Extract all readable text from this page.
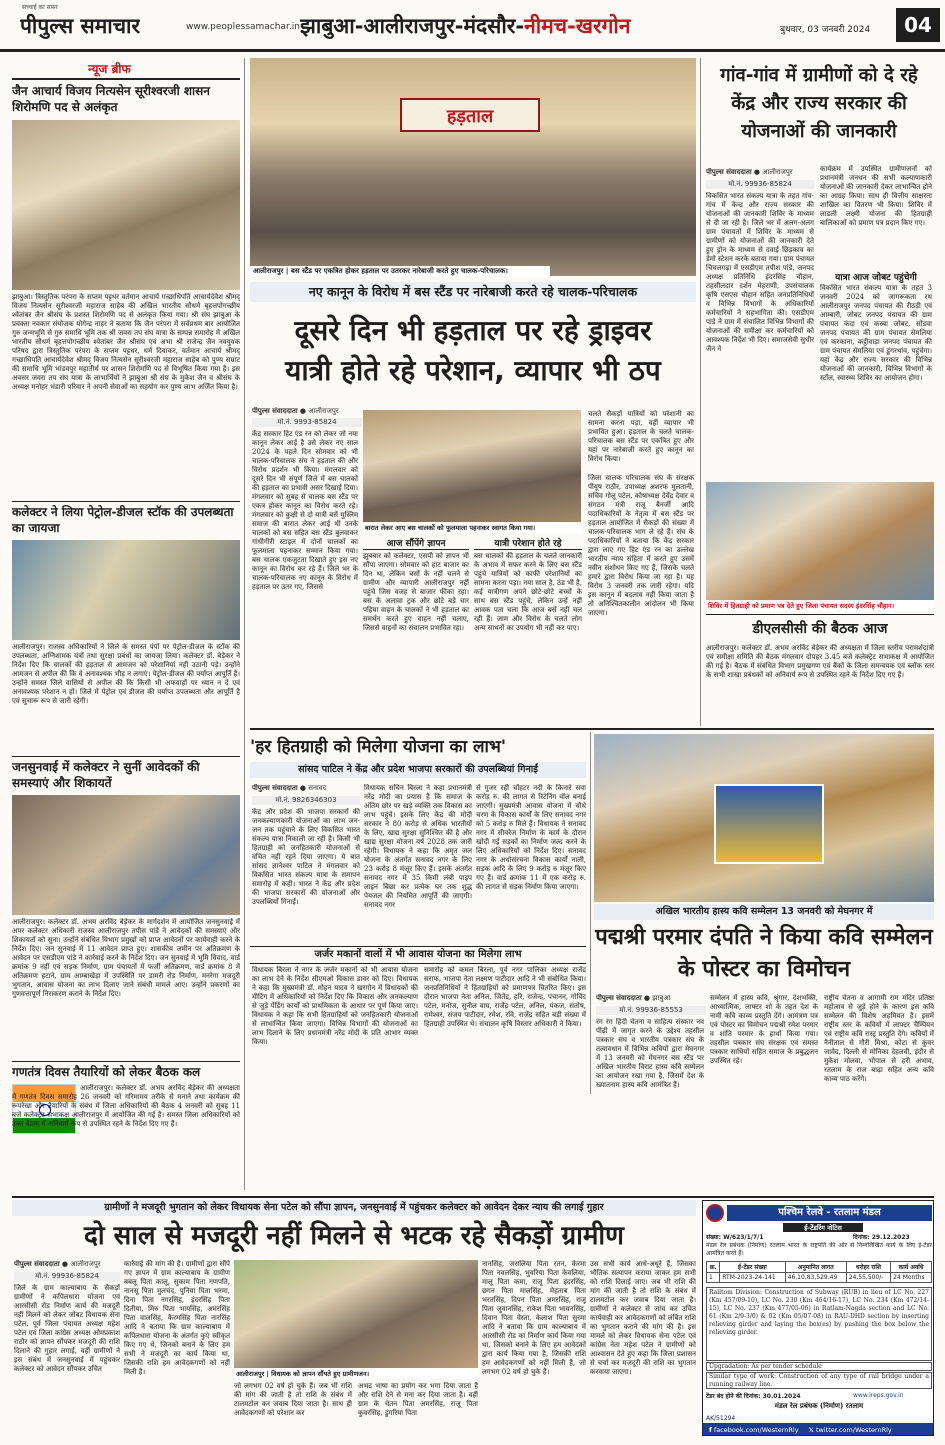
सच्चाई का सफ़र
पीपुल्स समाचार	www.peoplessamachar.in झाबुआ-आलीराजपुर-मंदसौर-नीमच-खरगोन	बुधवार, 03 जनवरी 2024	04
न्यूज ब्रीफ
जैन आचार्य विजय नित्यसेन सूरीश्वरजी शासन शिरोमणि पद से अलंकृत
झाबुआ। त्रिस्तुतिक परंपरा के सप्तम पट्टधर वर्तमान आचार्य गच्छाधिपति आचार्यदेवेश श्रीमद् विजय नित्यसेन सूरीश्वरजी महाराज साहेब की अखिल भारतीय सौधर्म बृहत्तपोगच्छीय श्वेतांबर जैन श्रीसंघ के प्रशस्त शिरोमणि पद से अलंकृत किया गया। श्री संघ झाबुआ के प्रवक्ता नवकार संयोजक योगेन्द्र नाहर ने बताया कि जैन परंपरा में सर्वप्रथम बार आयोजित गुरु जन्मभूमि से गुरु समाधि भूमि तक श्री जवरा तप संघ यात्रा के सम्पन्न समारोह में अखिल भारतीय सौधर्म बृहत्तपोगच्छीय श्वेतांबर जैन श्रीसंघ एवं अभा श्री राजेन्द्र जैन नवयुवक परिषद द्वारा त्रिस्तुतिक परंपरा के सप्तम पट्टधर, धर्म दिवाकर, वर्तमान आचार्य श्रीमद् गच्छाधिपति आचार्यदेवेश श्रीमद् विजय नित्यसेन सूरीश्वरजी महाराज साहेब को पुण्य सम्राट की समाधि भूमि भांडवपुर महातीर्थ पर शासन शिरोमणि पद से विभूषित किया गया है। इस अवसर जवरा तप संघ यात्रा के लाभार्थियों ने झाबुआ श्री संघ के मुकेश जैन व श्रीसंघ के अध्यक्ष मनोहर भंडारी परिवार ने अपनी सेवाओं का सहयोग कर पुण्य लाभ अर्जित किया है।
कलेक्टर ने लिया पेट्रोल-डीजल स्टॉक की उपलब्धता का जायजा
आलीराजपुर। राजस्व अधिकारियों ने जिले के समस्त पंपों पर पेट्रोल-डीजल के स्टॉक की उपलब्धता, अग्निशामक यंत्रों तथा सुरक्षा प्रबंधों का जायजा लिया। कलेक्टर डॉ. बेड़ेकर ने निर्देश दिए कि चालकों की हड़ताल से आमजन को परेशानियां नहीं उठानी पड़े। उन्होंने आमजन से अपील की कि वे अनावश्यक भीड़ न लगाएं। पेट्रोल-डीजल की पर्याप्त आपूर्ति है। उन्होंने समस्त जिले वासियों से अपील की कि किसी भी अफवाहों पर ध्यान न दें एवं अनावश्यक परेशान न हों। जिले में पेट्रोल एवं डीजल की पर्याप्त उपलब्धता और आपूर्ति है एवं सुचारू रूप से जारी रहेगी।
जनसुनवाई में कलेक्टर ने सुनीं आवेदकों की समस्याएं और शिकायतें
आलीराजपुर। कलेक्टर डॉ. अभय अरविंद बेड़ेकर के मार्गदर्शन में आयोजित जनसुनवाई में अपर कलेक्टर अधिकारी राजस्व आलीराजपुर तपीस पांडे ने आवेदकों की समस्याएं और शिकायतों को सुना। उन्होंने संबंधित विभाग प्रमुखों को प्राप्त आवेदनों पर कार्यवाही करने के निर्देश दिए। जन सुनवाई में 11 आवेदन प्राप्त हुए। शासकीय जमीन पर अतिक्रमण के आवेदन पर एसडीएम पांडे ने कार्रवाई करने के निर्देश दिए। जन सुनवाई में भूमि विवाद, वार्ड क्रमांक 9 नहीं एवं सड़क निर्माण, ग्राम पंचायतों में फर्जी अतिक्रमण, वार्ड क्रमांक 8 में अतिक्रमण हटाने, ग्राम आम्बाखेड़ा में उपस्थिति पर डामरी रोड निर्माण, मनरेगा मजदूरी भुगतान, आवास योजना का लाभ दिलाए जाने संबंधी मामले आए। उन्होंने प्रकरणों का गुणवत्तापूर्ण निराकरण कराने के निर्देश दिए।
गणतंत्र दिवस तैयारियों को लेकर बैठक कल
आलीराजपुर। कलेक्टर डॉ. अभय अरविंद बेड़ेकर की अध्यक्षता में गणतंत्र दिवस समारोह 26 जनवरी को गरिमामय तरीके से मनाने तथा कार्यक्रम की रूपरेखा और तैयारियों के संबंध में जिला अधिकारियों की बैठक 4 जनवरी को सुबह 11 बजे कलेक्ट्रेट सभाकक्ष आलीराजपुर में आयोजित की गई है। समस्त जिला अधिकारियों को उक्त बैठक में अनिवार्य रूप से उपस्थित रहने के निर्देश दिए गए हैं।
हड़ताल
आलीराजपुर | बस स्टैंड पर एकत्रित होकर हड़ताल पर उतरकर नारेबाजी करते हुए चालक-परिचालक।
नए कानून के विरोध में बस स्टैंड पर नारेबाजी करते रहे चालक-परिचालक
दूसरे दिन भी हड़ताल पर रहे ड्राइवर
यात्री होते रहे परेशान, व्यापार भी ठप
पीपुल्स संवाददाता ● आलीराजपुर
मो.नं. 9993-85824
केंद्र सरकार हिट एंड रन को लेकर जो नया कानून लेकर आई है उसे लेकर नए साल 2024 के पहले दिन सोमवार को भी चालक-परिचालक संघ ने हड़ताल की और विरोध प्रदर्शन भी किया। मंगलवार को दूसरे दिन भी संपूर्ण जिले में बस चालकों की हड़ताल का प्रभावी असर दिखाई दिया। मंगलवार को सुबह से चालक बस स्टैंड पर एकत्र होकर कानून का विरोध करते रहे। मंगलवार को कुक्षी से दो यात्री बसें मुस्लिम समाज की बारात लेकर आई थी उनके चालकों को बस सहित बस स्टैंड बुलवाकर गांधीगीरी स्टाइल में दोनों चालकों का फूलमाला पहनाकर सम्मान किया गया। बस चालक एकजुटता दिखाते हुए इस नए कानून का विरोध कर रहे हैं। जिले भर के चालक-परिचालक नए कानून के विरोध में हड़ताल पर उतर गए, जिससे
बारात लेकर आए बस चालकों को फूलमाला पहनाकर स्वागत किया गया।
आज सौंपेंगे ज्ञापन	यात्री परेशान होते रहे
झुबबार को कलेक्टर, एसपी को ज्ञापन भी सौंपा जाएगा। सोमवार को हाट बाजार का दिन था, लेकिन बसों के नहीं चलने से ग्रामीण और व्यापारी आलीराजपुर नहीं पहुंचे जिस वजह से बाजार फीका रहा। बस के अलावा ट्रक और छोटे बड़े चार पहिया वाहन के चालकों ने भी हड़ताल का समर्थन करते हुए वाहन नहीं चलाए, जिससे वाहनों का संचालन प्रभावित रहा।
बस चालकों की हड़ताल के चलते जानकारी के अभाव में सफर करने के लिए बस स्टैंड पहुंचे यात्रियों को काफी परेशानियों का सामना करना पड़ा। नया साल है, ठंड भी है, कई यात्रीगण अपने छोटे-छोटे बच्चों के साथ बस स्टैंड पहुंचे, लेकिन उन्हें नहीं आवक पता चला कि आज बसें नहीं चल रही हैं। जाम और विरोध के चलते लोग अन्य साधनों का उपयोग भी नहीं कर पाए।
चलते सैकड़ों यात्रियों को परेशानी का सामना करना पड़ा, वहीं व्यापार भी प्रभावित हुआ। हड़ताल के चलते चालक-परिचालक बस स्टैंड पर एकत्रित हुए और यहां पर नारेबाजी करते हुए कानून का विरोध किया।
जिला चालक परिचालक संघ के संरक्षक पीयूष राठौर, उपाध्यक्ष अशरफ मुलतानी, सचिव गोलू पटेल, कोषाध्यक्ष देवेंद्र देवार व संगठन मंत्री राजू बैनर्जी आदि पदाधिकारियों के नेतृत्व में बस स्टैंड पर हड़ताल आयोजित में सैकड़ों की संख्या में चालक-परिचालक भाग ले रहे हैं। संघ के पदाधिकारियों ने बताया कि केंद्र सरकार द्वारा लाए गए हिट एंड रन का उल्लेख भारतीय न्याय संहिता में करते हुए उसमें नवीन संशोधन किए गए हैं, जिसके चलते हमारे द्वारा विरोध किया जा रहा है। यह विरोध 3 जनवरी तक जारी रहेगा। यदि इस कानून में बदलाव नहीं किया जाता है तो अनिश्चितकालीन आंदोलन भी किया जाएगा।
गांव-गांव में ग्रामीणों को दे रहे केंद्र और राज्य सरकार की योजनाओं की जानकारी
पीपुल्स संवाददाता ● आलीराजपुर
मो.नं. 99936-85824
विकसित भारत संकल्प यात्रा के तहत गांव-गांव में केन्द्र और राज्य सरकार की योजनाओं की जानकारी शिविर के माध्यम से दी जा रही है। जिले भर में अलग-अलग ग्राम पंचायतों में शिविर के माध्यम से ग्रामीणों को योजनाओं की जानकारी देते हुए ड्रोन के माध्यम से दवाई छिड़काव का डेमो स्टेशन करके बताया गया। ग्राम पंचायत चिचलगढ़ा में एसडीएम तपीश पांडे, जनपद अध्यक्ष प्रतिनिधि इंदरसिंह चौहान, तहसीलदार दर्शन मेहराणी, उपसंचालक कृषि एसएस चौहान सहित जनप्रतिनिधियों व विभिन्न विभागों के अधिकारियों कर्मचारियों ने सहभागिता की। एसडीएम पांडे ने ग्राम में संचालित विभिन्न विभागों की योजनाओं की समीक्षा कर कर्मचारियों को आवश्यक निर्देश भी दिए। समाजसेवी सुधीर जैन ने
कार्यक्रम में उपस्थित ग्रामीणजनों को प्रधानमंत्री जनधन की सभी कल्याणकारी योजनाओं की जानकारी देकर लाभान्वित होने का आग्रह किया। साथ ही वित्तीय साक्षरता शाखिल का वितरण भी किया। शिविर में लाडली लक्ष्मी योजना की हितग्राही बालिकाओं को प्रमाण पत्र प्रदान किए गए।
यात्रा आज जोबट पहुंचेगी
विकसित भारत संकल्प यात्रा के तहत 3 जनवरी 2024 को जागरूकता रथ आलीराजपुर जनपद पंचायत की रीठड़ी एवं आम्बारी, जोबट जनपद पंचायत की ग्राम पंचायत कंदा एवं कस्बा जोबट, सोंडवा जनपद पंचायत की ग्राम पंचायत सेमलिया एवं करकाना, कट्ठीवाड़ा जनपद पंचायत की ग्राम पंचायत सेमलिया एवं डूंगरथांव, पहुंचेगा। यहां केंद्र और राज्य सरकार की विभिन्न योजनाओं की जानकारी, विभिन्न विभागों के स्टॉल, स्वास्थ्य शिविर का आयोजन होगा।
शिविर में हितग्राही को प्रमाण पत्र देते हुए जिला पंचायत सदस्य इंदरसिंह चौहान।
डीएलसीसी की बैठक आज
आलीराजपुर। कलेक्टर डॉ. अभय अरविंद बेड़ेकर की अध्यक्षता में जिला स्तरीय परामर्शदात्री एवं समीक्षा समिति की बैठक मंगलवार दोपहर 3.45 बजे कलेक्ट्रेट सभाकक्ष में आयोजित की गई है। बैठक में संबंधित विभाग प्रमुखगण एवं बैंकों के जिला समन्वयक एवं ब्लॉक स्तर के सभी शाखा प्रबंधकों को अनिवार्य रूप से उपस्थित रहने के निर्देश दिए गए हैं।
'हर हितग्राही को मिलेगा योजना का लाभ'
सांसद पाटिल ने केंद्र और प्रदेश भाजपा सरकारों की उपलब्धियां गिनाईं
पीपुल्स संवाददाता ● सनावद
मो.नं. 9826346303
केंद्र और प्रदेश की भाजपा सरकारों की जनकल्याणकारी योजनाओं का लाभ जन-जन तक पहुंचाने के लिए विकसित भारत संकल्प यात्रा निकाली जा रही है। किसी भी हितग्राही को जनहितकारी योजनाओं से वंचित नहीं रहने दिया जाएगा। ये बात सांसद ज्ञानेश्वर पाटिल ने मंगलवार को विकसित भारत संकल्प यात्रा के समापन समारोह में कही। भारत ने केंद्र और प्रदेश की भाजपा सरकारों की योजनाओं और उपलब्धियों गिनाईं।
विधायक सचिन बिरला ने कहा प्रधानमंत्री नरेंद्र मोदी का प्रयास है कि समाज के अंतिम छोर पर खड़े व्यक्ति तक विकास का लाभ पहुंचे। इसके लिए केंद्र की मोदी सरकार ने 80 करोड़ से अधिक भारतीयों के लिए, खाद्य सुरक्षा सुनिश्चित की है और खाद्य सुरक्षा योजना वर्ष 2028 तक जारी रहेगी। विधायक ने कहा कि अमृत जल योजना के अंतर्गत सनावद नगर के लिए 23 करोड़ 8 मंजूर किए हैं। इसके अंतर्गत सनावद नगर में 35 किमी लंबी पाइप लाइन बिछा कर प्रत्येक घर तक शुद्ध पेयजल की नियमित आपूर्ति की जाएगी। सनावद नगर
से गुजर रही चोंहटर नदी के किनारे सवा करोड़ रु. की लागत से रिटेनिंग वॉल बनाई जाएगी। मुख्यमंत्री आवास योजना में चौथे चरण के विकास कार्यों के लिए सनावद नगर को 5 करोड़ रु मिले हैं। विधायक ने सनावद नगर में सीवरेज निर्माण के कार्य के दौरान खोदी गई सड़कों का निर्माण जल्द करने के लिए अधिकारियों को निर्देश दिए। सनावद नगर के अधोसंरचना विकास कार्यों नाली, सड़क आदि के लिए 9 करोड़ रु मंजूर किए गए हैं। वार्ड क्रमांक 11 में एक करोड़ रु. की लागत से सड़क निर्माण किया जाएगा।
जर्जर मकानों वालों में भी आवास योजना का मिलेगा लाभ
विधायक बिरला ने नगर के जर्जर मकानों को भी आवास योजना का लाभ देने के निर्देश सीएमओ विकास डावर को दिए। विधायक ने कहा कि मुख्यमंत्री डॉ. मोहन यादव ने खरगोन में विधायकों की मीटिंग में अधिकारियों को निर्देश दिए कि विकास और जनकल्याण से जुड़े पेंडिंग कार्यों को प्राथमिकता के आधार पर पूर्ण किया जाए। विधायक ने कहा कि सभी हितग्राहियों को जनहितकारी योजनाओं से लाभान्वित किया जाएगा। विभिन्न विभागों की योजनाओं का लाभ दिलाने के लिए प्रधानमंत्री नरेंद्र मोदी के प्रति आभार व्यक्त किया।
समारोह को कमल बिरला, पूर्व नगर पालिका अध्यक्ष राजेंद्र सराफ, भाजपा नेता लक्ष्मण पाटीदार आदि ने भी संबोधित किया। जनप्रतिनिधियों ने हितग्राहियों को प्रमाणपत्र वितरित किए। इस दौरान भाजपा नेता अनिल, जितेंद्र, हरि, राजेन्द्र, पंचानन, गोविंद पटेल, मनोज, सुनील वाघ, राजेंद्र पटेल, अनिल, पंकज, संतोष, रामेश्वर, संजय पाटीदार, रमेश, रवि, राजेंद्र सहित बड़ी संख्या में हितग्राही उपस्थित थे। संचालन कृषि विस्तार अधिकारी ने किया।
अखिल भारतीय हास्य कवि सम्मेलन 13 जनवरी को मेघनगर में
पद्मश्री परमार दंपति ने किया कवि सम्मेलन के पोस्टर का विमोचन
पीपुल्स संवाददाता ● झाबुआ
मो.नं. 99936-85553
रंग रंग हिंदी चेतना व साहित्य संस्कार नव पीढ़ी में जागृत करने के उद्देश्य तहसील पत्रकार संघ व भारतीय पत्रकार संघ के तत्वावधान में विभिन्न कवियों द्वारा मेघनगर में 13 जनवरी को मेघनगर बस स्टैंड पर अखिल भारतीय विराट हास्य कवि सम्मेलन का आयोजन रखा गया है, जिसमें देश के ख्यातनाम हास्य कवि आमंत्रित हैं।
सम्मेलन में हास्य कवि, श्रृंगार, देशभक्ति, आध्यात्मिक, लाफ्टर शो के तहत देश के नामी कवि काव्य प्रस्तुति देंगे। आमंत्रण पत्र एवं पोस्टर का विमोचन पद्मश्री रमेश परमार व शांति परमार के हाथों किया गया। तहसील पत्रकार संघ संरक्षक एवं समस्त पत्रकार साथियों सहित समाज के प्रबुद्धजन उपस्थित रहे।
राष्ट्रीय चेतना व आगामी राम मंदिर प्रतिष्ठा महोत्सव से जुड़े होने के कारण इस कवि सम्मेलन की विशेष अहमियत है। इसमें राष्ट्रीय स्तर के कवियों में लाफ्टर चैम्पियन एवं राष्ट्रीय कवि रास्ट्र प्रस्तुति देंगे। कवियों में नैनीताल से गौरी मिश्रा, कोटा से कुंवर जावेद, दिल्ली से मोनिका देहलवी, इंदौर से मुकेश मोलवा, भोपाल से हरी अभाव, रतलाम के राज बाढ़ा सहित अन्य कवि काव्य पाठ करेंगे।
ग्रामीणों ने मजदूरी भुगतान को लेकर विधायक सेना पटेल को सौंपा ज्ञापन, जनसुनवाई में पहुंचकर कलेक्टर को आवेदन देकर न्याय की लगाई गुहार
दो साल से मजदूरी नहीं मिलने से भटक रहे सैकड़ों ग्रामीण
पीपुल्स संवाददाता ● आलीराजपुर
मो.नं. 99936-85824
जिले के ग्राम काल्याबाय के सैकड़ों ग्रामीणों ने कपिलधारा योजना एवं आरसीसी रोड निर्माण कार्य की मजदूरी नहीं मिलने को लेकर जोबट विधायक सेना पटेल, पूर्व जिला पंचायत अध्यक्ष महेश पटेल एवं जिला कांग्रेस अध्यक्ष ओमप्रकाश राठौर को ज्ञापन सौंपकर मजदूरी की राशि दिलाने की गुहार लगाई, वहीं ग्रामीणों ने इस संबंध में जनसुनवाई में पहुंचकर कलेक्टर को आवेदन सौंपकर उचित
कार्रवाई की मांग की है। ग्रामीणों द्वारा सौंपे गए ज्ञापन में ग्राम काल्याबाय के ग्रामीण बबलू पिता कालू, सुकाम पिता गणपति, नानसू पिता मुलचंद, पुनिया पिता भरमा, दिना पिता नगरसिंह, इंदरसिंह पिता दितीया, मिरु पिता भायसिंह, अमरसिंह पिता वालसिंह, कैरमसिंह पिता नारसिंह आदि ने बताया कि ग्राम काल्याबाय में कपिलधारा योजना के अंतर्गत कुएं स्वीकृत किए गए थे, जिनको बनाने के लिए हम सभी ने मजदूरी का कार्य किया था, जिसकी राशि हम आवेदकगणों को नहीं मिली है।	आलीराजपुर | विधायक को ज्ञापन सौंपते हुए ग्रामीणजन।
जो लगभग 02 वर्ष हो चुके हैं। जब भी राशि की मांग की जाती है तो राशि के संबंध में टालमटोल कर जवाब दिया जाता है। साथ ही आवेदकगणों को परेशान कर
अभद्र भाषा का प्रयोग कर भगा दिया जाता है और राशि देने से मना कर दिया जाता है। वहीं ग्राम के चेतन पिता अमरसिंह, राजू पिता कुवरसिंह, डुंगरिया पिता
नानसिंह, जसलिया पिता रतन, केरमा पिता नवलसिंह, भुवरिया पिता केवलिया, मालू पिता कमा, राजू पिता इंदरसिंह, छगन पिता मालसिंह, मेहताब पिता भरतसिंह, दिपन पिता अमरसिंह, राजू पिता जुवानसिंह, राकेश पिता भावनसिंह, दिवान पिता वेस्ता, केलाश पिता सुरमा आदि ने बताया कि ग्राम काल्याबाय में आरसीसी रोड का निर्माण कार्य किया गया था, जिसको बनाने के लिए हम आवेदकों द्वारा कार्य किया गया है, जिसकी राशि हम आवेदकगणों को नहीं मिली है, जो लगभग 02 वर्ष हो चुके हैं।
उस सभी कार्य आधे-अधूरे हैं, जिसका भौतिक सत्यापन कराया जाकर हम सभी को राशि दिलाई जाए। जब भी राशि की मांग की जाती है तो राशि के संबंध में टालमटोल कर जवाब दिया जाता है। ग्रामीणों ने कलेक्टर से जांच कर उचित कार्यवाही कर आवेदकगणों को लंबित राशि का भुगतान कराने की मांग की है। इस मामले को लेकर विधायक सेना पटेल एवं कांग्रेस नेता महेश पटेल ने ग्रामीणों को आश्वासन देते हुए कहा कि जिला प्रशासन से चर्चा कर मजदूरी की राशि का भुगतान करवाया जाएगा।
पश्चिम रेलवे - रतलाम मंडल
ई-टेंडरिंग नोटिस
संख्या: W/623/1/7/1	दिनांक: 29.12.2023
मंडल रेल प्रबंधक (निर्माण) रतलाम भारत के राष्ट्रपति की ओर से निम्नलिखित कार्य के लिए ई-टेंडर आमंत्रित करते हैं।
क्र.	ई-टेंडर संख्या	अनुमानित लागत	धरोहर राशि	कार्य अवधि
1	RTM-2023-24-141	46,10,83,529.49	24,55,500/-	24 Months
Railtom Division: Construction of Subway (RUB) in lieu of LC No. 227 (Km 457/09-10), LC No. 230 (Km 464/16-17), LC No. 234 (Km 472/14-15), LC No. 237 (Km 477/05-06) in Ratlam-Nagda section and LC No. 61 (Km 2/9-3/0) & 02 (Km 05/07-08) in RAU-DHD section by inserting relieving girder and laying the box(es) by pushing the box below the relieving girder.
Upgradation: As per tender schedule
Similar type of work: Construction of any type of rail bridge under a running railway line.
टेंडर बंद होने की दिनांक: 30.01.2024	www.ireps.gov.in
मंडल रेल प्रबंधक (निर्माण) रतलाम
AK/51294
f facebook.com/WesternRly 𝕏 twitter.com/WesternRly
